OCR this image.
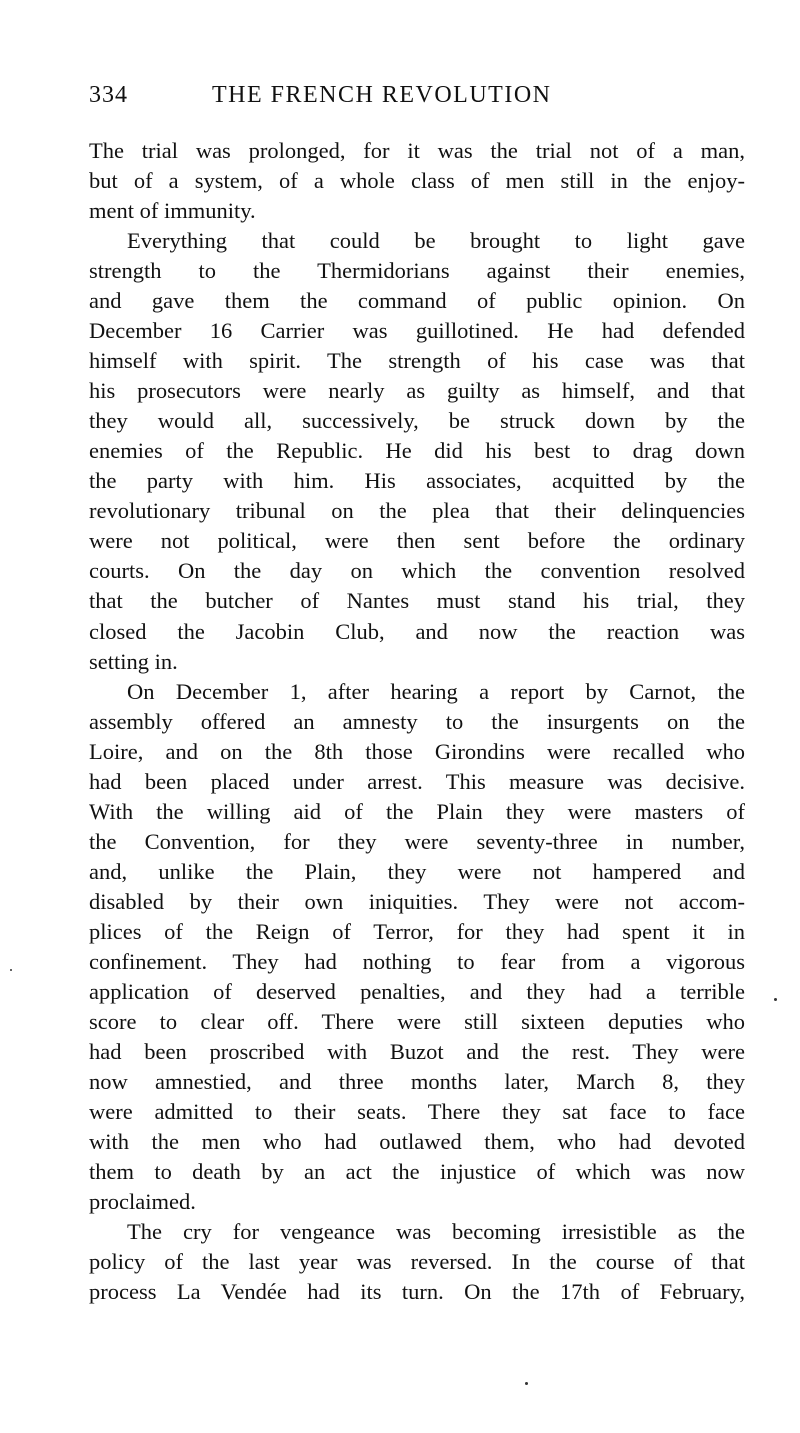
334	THE FRENCH REVOLUTION
The trial was prolonged, for it was the trial not of a man,
but of a system, of a whole class of men still in the enjoy-
ment of immunity.
Everything that could be brought to light gave
strength to the Thermidorians against their enemies,
and gave them the command of public opinion. On
December 16 Carrier was guillotined. He had defended
himself with spirit. The strength of his case was that
his prosecutors were nearly as guilty as himself, and that
they would all, successively, be struck down by the
enemies of the Republic. He did his best to drag down
the party with him. His associates, acquitted by the
revolutionary tribunal on the plea that their delinquencies
were not political, were then sent before the ordinary
courts. On the day on which the convention resolved
that the butcher of Nantes must stand his trial, they
closed the Jacobin Club, and now the reaction was
setting in.
On December 1, after hearing a report by Carnot, the
assembly offered an amnesty to the insurgents on the
Loire, and on the 8th those Girondins were recalled who
had been placed under arrest. This measure was decisive.
With the willing aid of the Plain they were masters of
the Convention, for they were seventy-three in number,
and, unlike the Plain, they were not hampered and
disabled by their own iniquities. They were not accom-
plices of the Reign of Terror, for they had spent it in
confinement. They had nothing to fear from a vigorous
application of deserved penalties, and they had a terrible
score to clear off. There were still sixteen deputies who
had been proscribed with Buzot and the rest. They were
now amnestied, and three months later, March 8, they
were admitted to their seats. There they sat face to face
with the men who had outlawed them, who had devoted
them to death by an act the injustice of which was now
proclaimed.
The cry for vengeance was becoming irresistible as the
policy of the last year was reversed. In the course of that
process La Vendée had its turn. On the 17th of February,
